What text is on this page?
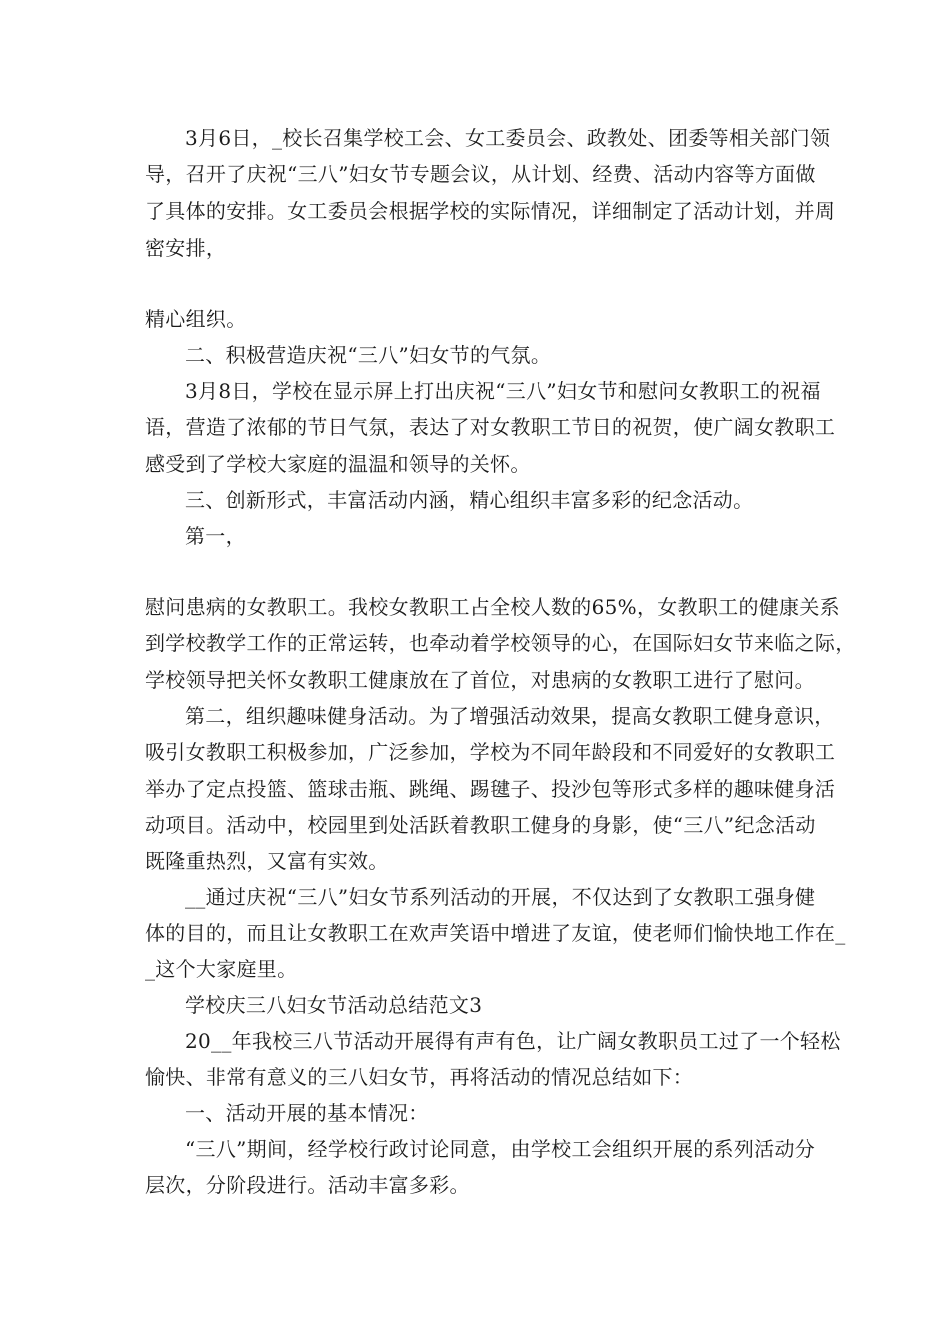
3月6日，_校长召集学校工会、女工委员会、政教处、团委等相关部门领

导，召开了庆祝“三八”妇女节专题会议，从计划、经费、活动内容等方面做

了具体的安排。女工委员会根据学校的实际情况，详细制定了活动计划，并周

密安排，

精心组织。

二、积极营造庆祝“三八”妇女节的气氛。

3月8日，学校在显示屏上打出庆祝“三八”妇女节和慰问女教职工的祝福

语，营造了浓郁的节日气氛，表达了对女教职工节日的祝贺，使广阔女教职工

感受到了学校大家庭的温温和领导的关怀。

三、创新形式，丰富活动内涵，精心组织丰富多彩的纪念活动。

第一，

慰问患病的女教职工。我校女教职工占全校人数的65%，女教职工的健康关系

到学校教学工作的正常运转，也牵动着学校领导的心，在国际妇女节来临之际，

学校领导把关怀女教职工健康放在了首位，对患病的女教职工进行了慰问。

第二，组织趣味健身活动。为了增强活动效果，提高女教职工健身意识，

吸引女教职工积极参加，广泛参加，学校为不同年龄段和不同爱好的女教职工

举办了定点投篮、篮球击瓶、跳绳、踢毽子、投沙包等形式多样的趣味健身活

动项目。活动中，校园里到处活跃着教职工健身的身影，使“三八”纪念活动

既隆重热烈，又富有实效。

__通过庆祝“三八”妇女节系列活动的开展，不仅达到了女教职工强身健

体的目的，而且让女教职工在欢声笑语中增进了友谊，使老师们愉快地工作在_

_这个大家庭里。

学校庆三八妇女节活动总结范文3

20__年我校三八节活动开展得有声有色，让广阔女教职员工过了一个轻松

愉快、非常有意义的三八妇女节，再将活动的情况总结如下：

一、活动开展的基本情况：

“三八”期间，经学校行政讨论同意，由学校工会组织开展的系列活动分

层次，分阶段进行。活动丰富多彩。
